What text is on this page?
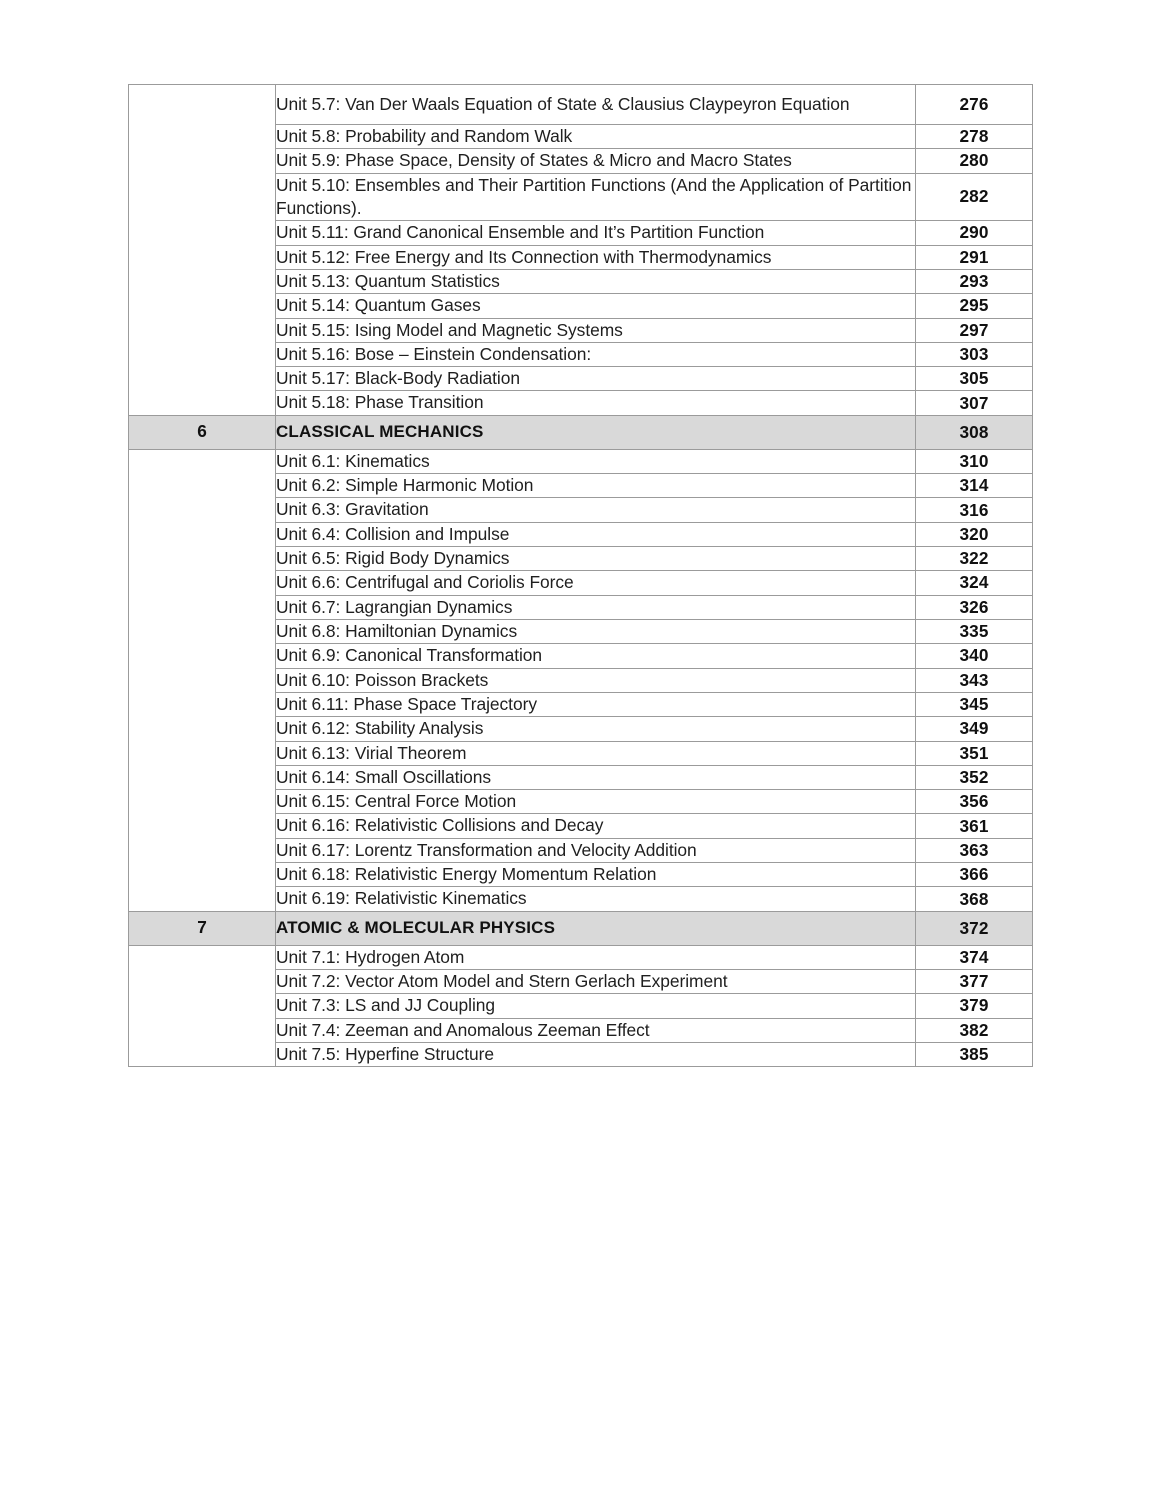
	Unit 5.7: Van Der Waals Equation of State & Clausius Claypeyron Equation	276
	Unit 5.8: Probability and Random Walk	278
	Unit 5.9: Phase Space, Density of States & Micro and Macro States	280
	Unit 5.10: Ensembles and Their Partition Functions (And the Application of Partition Functions).	282
	Unit 5.11: Grand Canonical Ensemble and It’s Partition Function	290
	Unit 5.12: Free Energy and Its Connection with Thermodynamics	291
	Unit 5.13: Quantum Statistics	293
	Unit 5.14: Quantum Gases	295
	Unit 5.15: Ising Model and Magnetic Systems	297
	Unit 5.16: Bose – Einstein Condensation:	303
	Unit 5.17: Black-Body Radiation	305
	Unit 5.18: Phase Transition	307
6	CLASSICAL MECHANICS	308
	Unit 6.1: Kinematics	310
	Unit 6.2: Simple Harmonic Motion	314
	Unit 6.3: Gravitation	316
	Unit 6.4: Collision and Impulse	320
	Unit 6.5: Rigid Body Dynamics	322
	Unit 6.6: Centrifugal and Coriolis Force	324
	Unit 6.7: Lagrangian Dynamics	326
	Unit 6.8: Hamiltonian Dynamics	335
	Unit 6.9: Canonical Transformation	340
	Unit 6.10: Poisson Brackets	343
	Unit 6.11: Phase Space Trajectory	345
	Unit 6.12: Stability Analysis	349
	Unit 6.13: Virial Theorem	351
	Unit 6.14: Small Oscillations	352
	Unit 6.15: Central Force Motion	356
	Unit 6.16: Relativistic Collisions and Decay	361
	Unit 6.17: Lorentz Transformation and Velocity Addition	363
	Unit 6.18: Relativistic Energy Momentum Relation	366
	Unit 6.19: Relativistic Kinematics	368
7	ATOMIC & MOLECULAR PHYSICS	372
	Unit 7.1: Hydrogen Atom	374
	Unit 7.2: Vector Atom Model and Stern Gerlach Experiment	377
	Unit 7.3: LS and JJ Coupling	379
	Unit 7.4: Zeeman and Anomalous Zeeman Effect	382
	Unit 7.5: Hyperfine Structure	385
